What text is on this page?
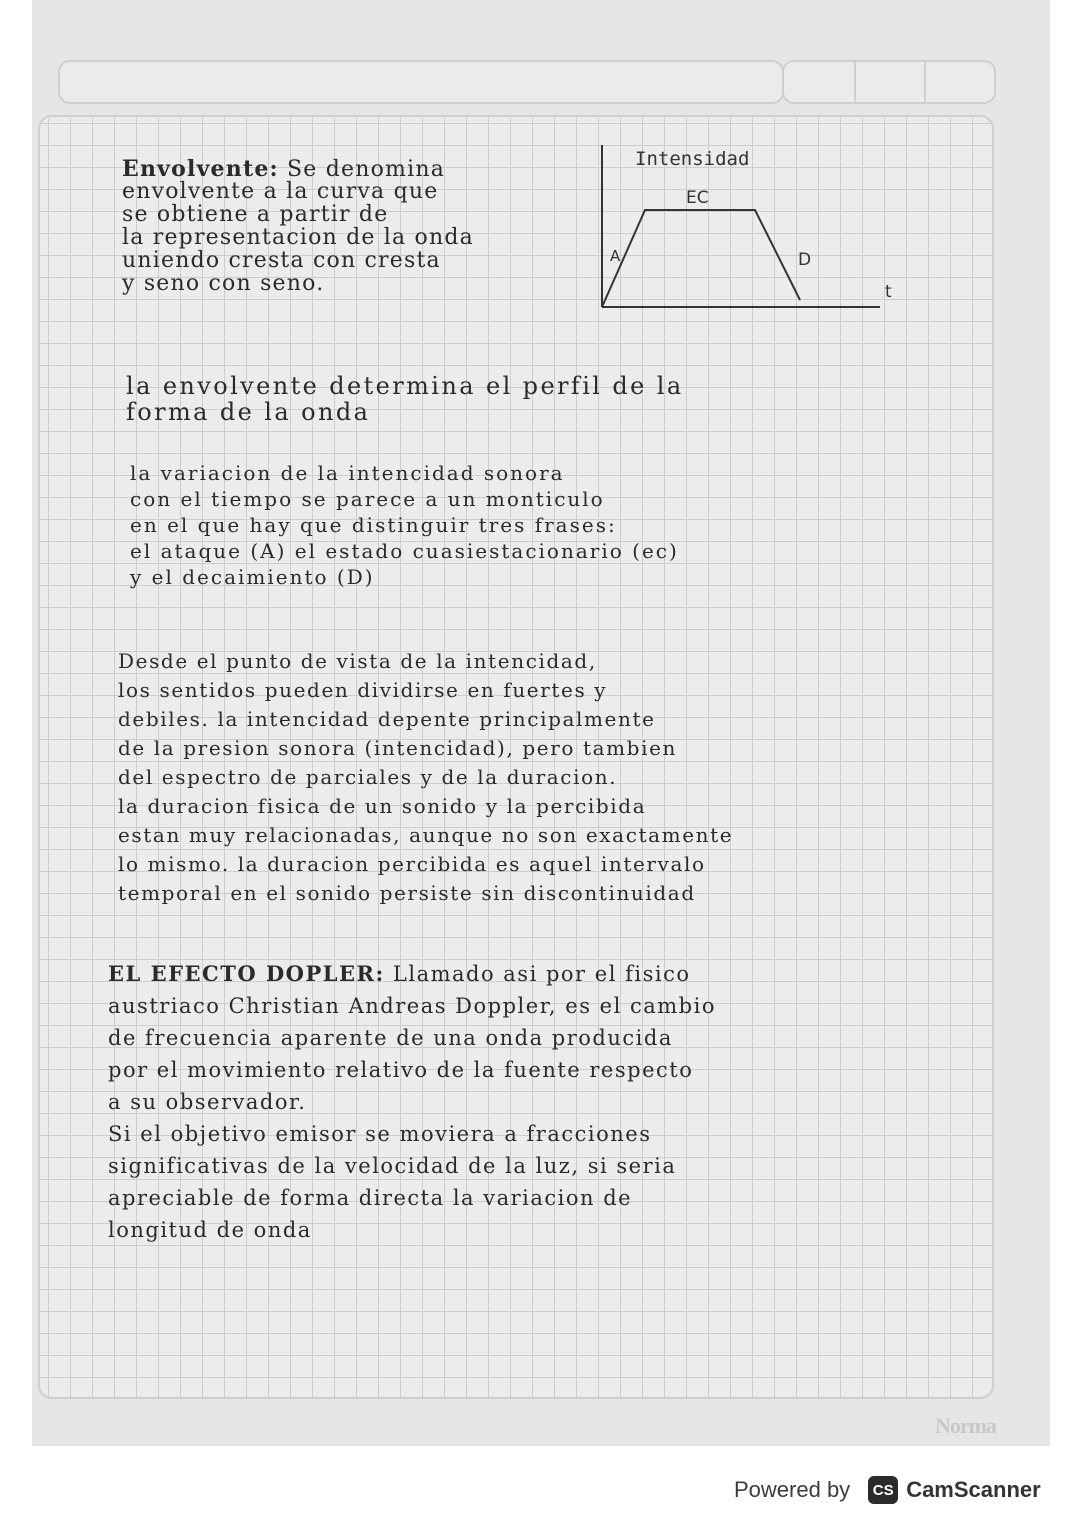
Envolvente: Se denomina
envolvente a la curva que
se obtiene a partir de
la representacion de la onda
uniendo cresta con cresta
y seno con seno.
Intensidad
t
A
EC
D
la envolvente determina el perfil de la
forma de la onda
la variacion de la intencidad sonora
con el tiempo se parece a un monticulo
en el que hay que distinguir tres frases:
el ataque (A) el estado cuasiestacionario (ec)
y el decaimiento (D)
Desde el punto de vista de la intencidad,
los sentidos pueden dividirse en fuertes y
debiles. la intencidad depente principalmente
de la presion sonora (intencidad), pero tambien
del espectro de parciales y de la duracion.
la duracion fisica de un sonido y la percibida
estan muy relacionadas, aunque no son exactamente
lo mismo. la duracion percibida es aquel intervalo
temporal en el sonido persiste sin discontinuidad
EL EFECTO DOPLER: Llamado asi por el fisico
austriaco Christian Andreas Doppler, es el cambio
de frecuencia aparente de una onda producida
por el movimiento relativo de la fuente respecto
a su observador.
Si el objetivo emisor se moviera a fracciones
significativas de la velocidad de la luz, si seria
apreciable de forma directa la variacion de
longitud de onda
Norma
Powered by	CS CamScanner
